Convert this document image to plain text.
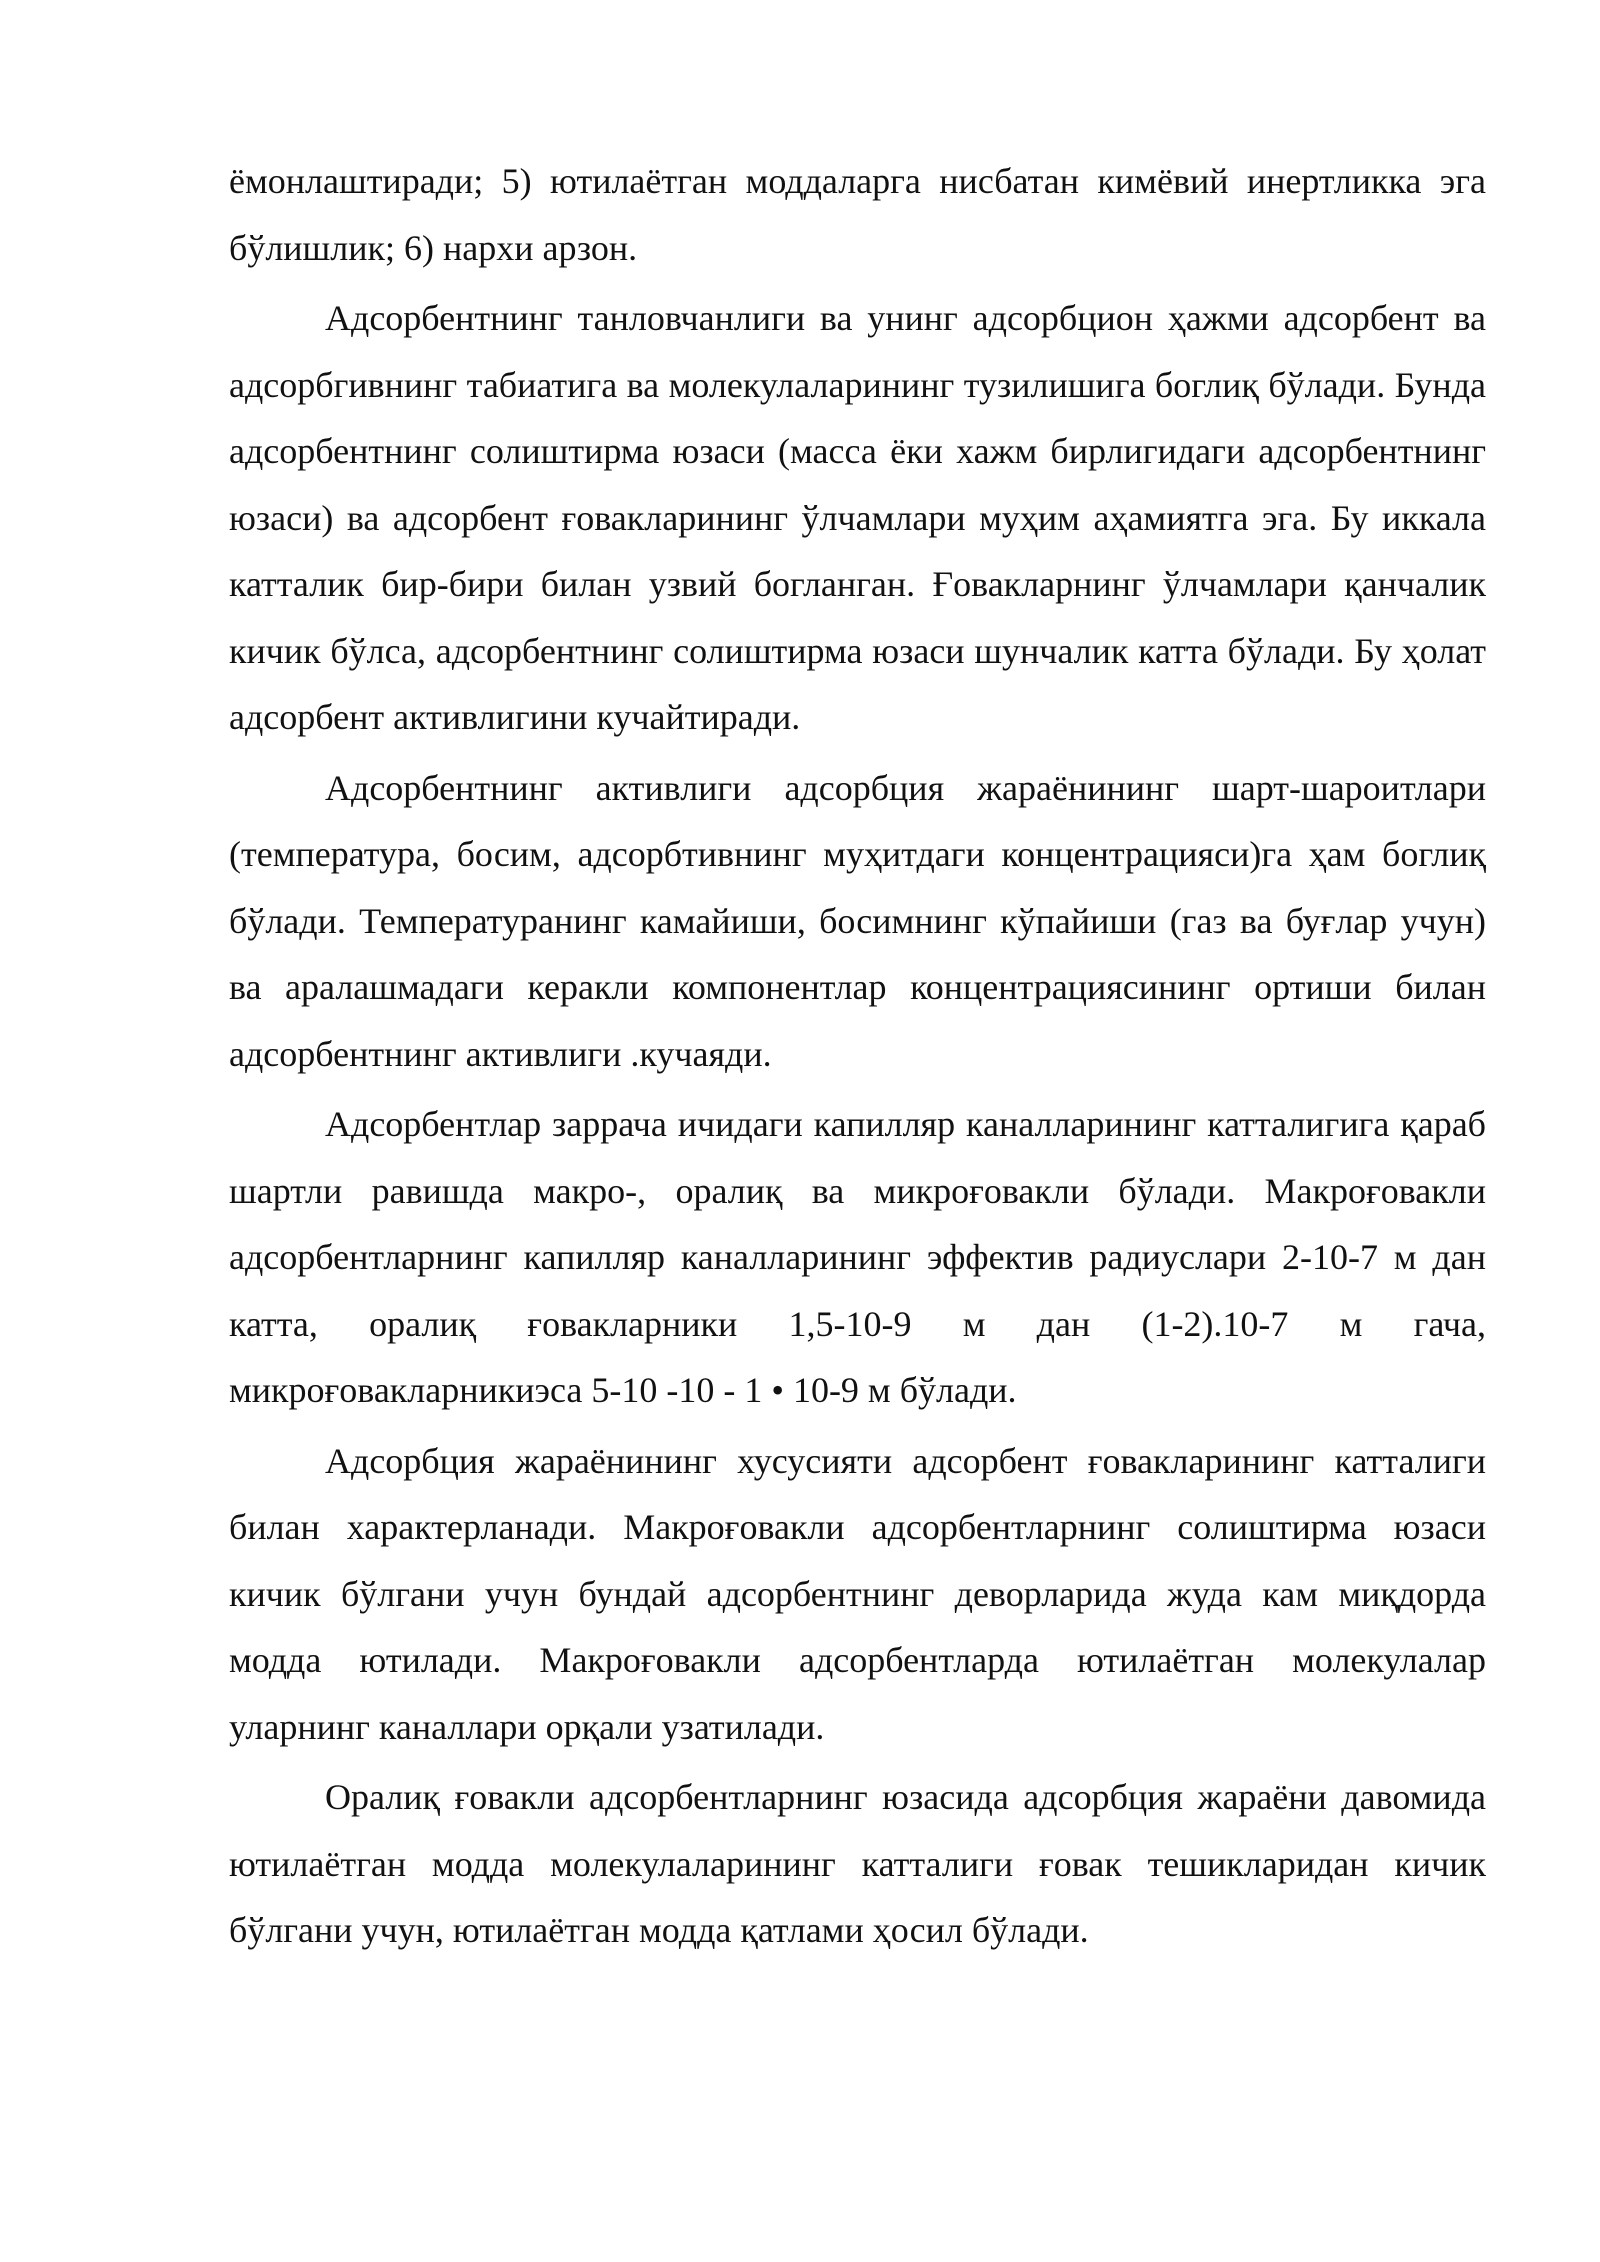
ёмонлаштиради; 5) ютилаётган моддаларга нисбатан кимёвий инертликка эга бўлишлик; 6) нархи арзон.

Адсорбентнинг танловчанлиги ва унинг адсорбцион ҳажми адсорбент ва адсорбгивнинг табиатига ва молекулаларининг тузилишига боглиқ бўлади. Бунда адсорбентнинг солиштирма юзаси (масса ёки хажм бирлигидаги адсорбентнинг юзаси) ва адсорбент ғовакларининг ўлчамлари муҳим аҳамиятга эга. Бу иккала катталик бир-бири билан узвий богланган. Ғовакларнинг ўлчамлари қанчалик кичик бўлса, адсорбентнинг солиштирма юзаси шунчалик катта бўлади. Бу ҳолат адсорбент активлигини кучайтиради.

Адсорбентнинг активлиги адсорбция жараёнининг шарт-шароитлари (температура, босим, адсорбтивнинг муҳитдаги концентрацияси)га ҳам боглиқ бўлади. Температуранинг камайиши, босимнинг кўпайиши (газ ва буғлар учун) ва аралашмадаги керакли компонентлар концентрациясининг ортиши билан адсорбентнинг активлиги .кучаяди.

Адсорбентлар заррача ичидаги капилляр каналларининг катталигига қараб шартли равишда макро-, оралиқ ва микроғовакли бўлади. Макроғовакли адсорбентларнинг капилляр каналларининг эффектив радиуслари 2-10-7 м дан катта, оралиқ ғовакларники 1,5-10-9 м дан (1-2).10-7 м гача, микроғовакларникиэса 5-10 -10 - 1 • 10-9 м бўлади.

Адсорбция жараёнининг хусусияти адсорбент ғовакларининг катталиги билан характерланади. Макроғовакли адсорбентларнинг солиштирма юзаси кичик бўлгани учун бундай адсорбентнинг деворларида жуда кам миқдорда модда ютилади. Макроғовакли адсорбентларда ютилаётган молекулалар уларнинг каналлари орқали узатилади.

Оралиқ ғовакли адсорбентларнинг юзасида адсорбция жараёни давомида ютилаётган модда молекулаларининг катталиги ғовак тешикларидан кичик бўлгани учун, ютилаётган модда қатлами ҳосил бўлади.
